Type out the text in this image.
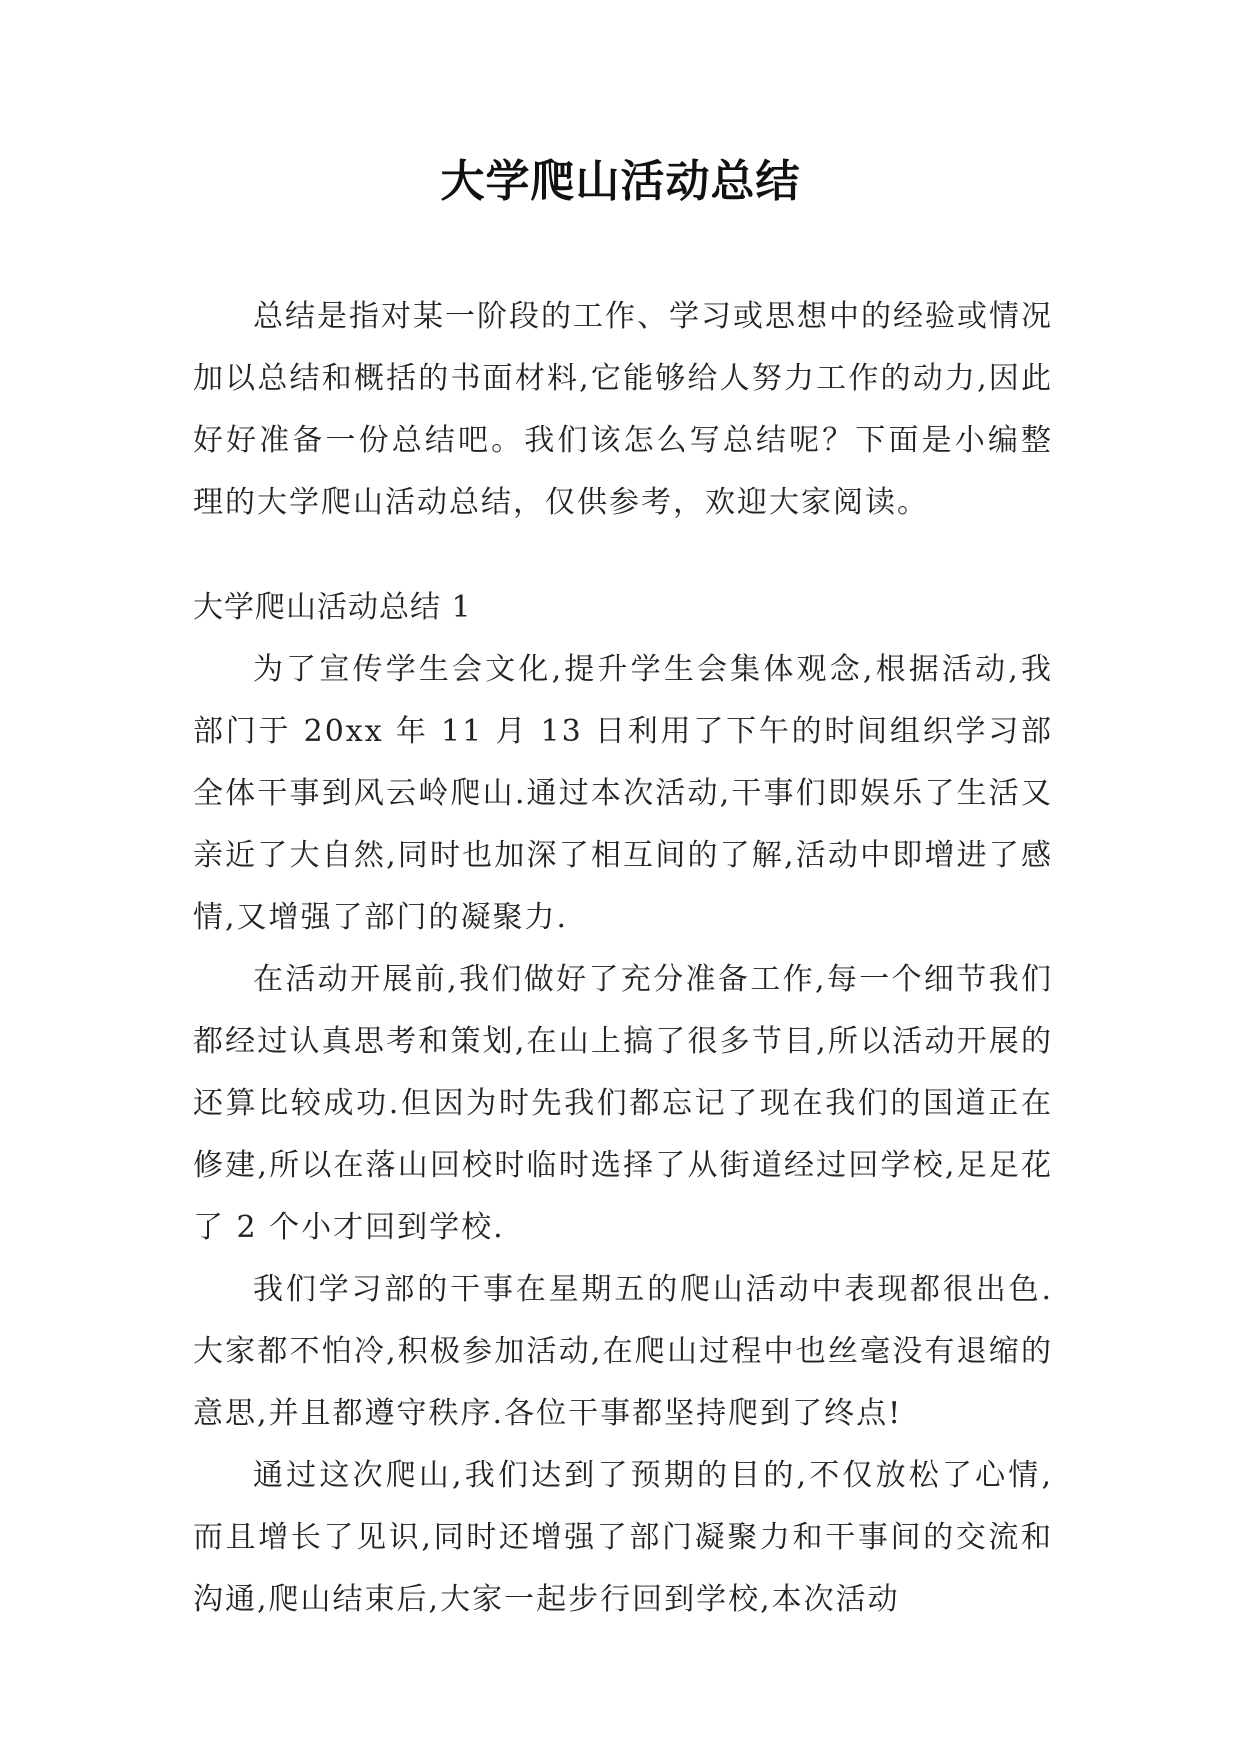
大学爬山活动总结

总结是指对某一阶段的工作、学习或思想中的经验或情况加以总结和概括的书面材料,它能够给人努力工作的动力,因此好好准备一份总结吧。我们该怎么写总结呢？下面是小编整理的大学爬山活动总结，仅供参考，欢迎大家阅读。

大学爬山活动总结 1

为了宣传学生会文化,提升学生会集体观念,根据活动,我部门于 20xx 年 11 月 13 日利用了下午的时间组织学习部全体干事到风云岭爬山.通过本次活动,干事们即娱乐了生活又亲近了大自然,同时也加深了相互间的了解,活动中即增进了感情,又增强了部门的凝聚力.

在活动开展前,我们做好了充分准备工作,每一个细节我们都经过认真思考和策划,在山上搞了很多节目,所以活动开展的还算比较成功.但因为时先我们都忘记了现在我们的国道正在修建,所以在落山回校时临时选择了从街道经过回学校,足足花了 2 个小才回到学校.

我们学习部的干事在星期五的爬山活动中表现都很出色.大家都不怕冷,积极参加活动,在爬山过程中也丝毫没有退缩的意思,并且都遵守秩序.各位干事都坚持爬到了终点!

通过这次爬山,我们达到了预期的目的,不仅放松了心情,而且增长了见识,同时还增强了部门凝聚力和干事间的交流和沟通,爬山结束后,大家一起步行回到学校,本次活动
